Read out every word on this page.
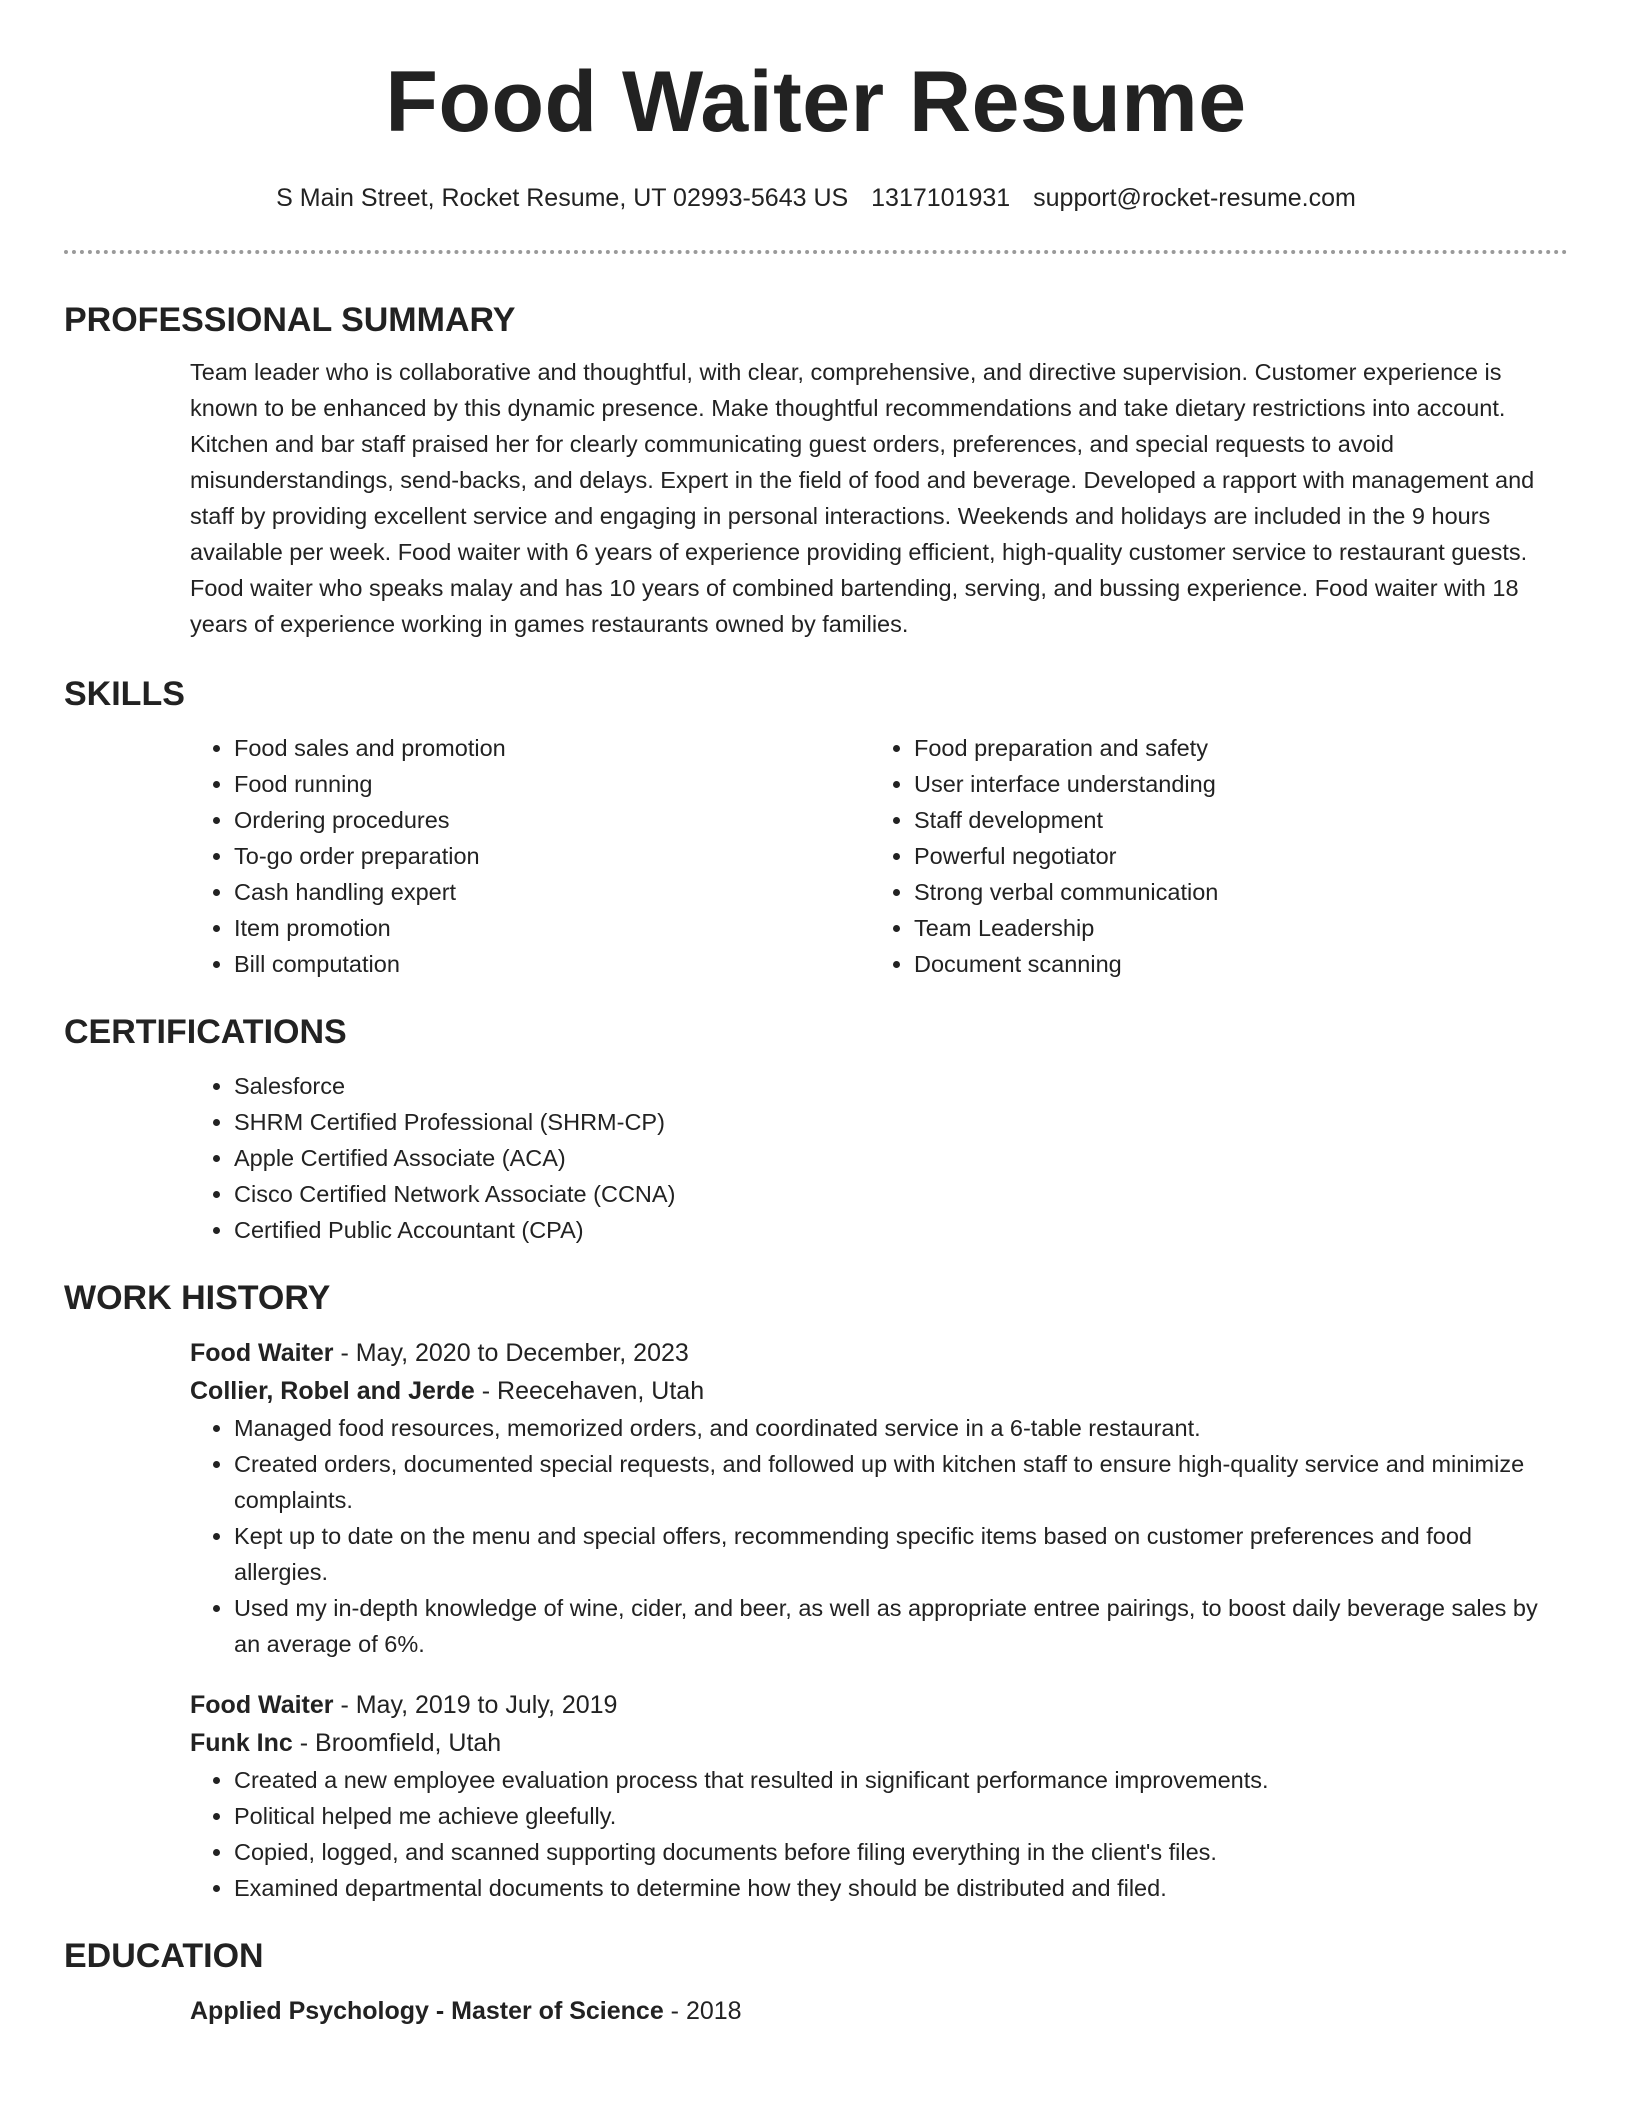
Food Waiter Resume
S Main Street, Rocket Resume, UT 02993-5643 US 1317101931 support@rocket-resume.com
PROFESSIONAL SUMMARY

Team leader who is collaborative and thoughtful, with clear, comprehensive, and directive supervision. Customer experience is known to be enhanced by this dynamic presence. Make thoughtful recommendations and take dietary restrictions into account. Kitchen and bar staff praised her for clearly communicating guest orders, preferences, and special requests to avoid misunderstandings, send-backs, and delays. Expert in the field of food and beverage. Developed a rapport with management and staff by providing excellent service and engaging in personal interactions. Weekends and holidays are included in the 9 hours available per week. Food waiter with 6 years of experience providing efficient, high-quality customer service to restaurant guests. Food waiter who speaks malay and has 10 years of combined bartending, serving, and bussing experience. Food waiter with 18 years of experience working in games restaurants owned by families.

SKILLS
• Food sales and promotion
• Food running
• Ordering procedures
• To-go order preparation
• Cash handling expert
• Item promotion
• Bill computation
• Food preparation and safety
• User interface understanding
• Staff development
• Powerful negotiator
• Strong verbal communication
• Team Leadership
• Document scanning
CERTIFICATIONS
• Salesforce
• SHRM Certified Professional (SHRM-CP)
• Apple Certified Associate (ACA)
• Cisco Certified Network Associate (CCNA)
• Certified Public Accountant (CPA)
WORK HISTORY
Food Waiter - May, 2020 to December, 2023
Collier, Robel and Jerde - Reecehaven, Utah
• Managed food resources, memorized orders, and coordinated service in a 6-table restaurant.
• Created orders, documented special requests, and followed up with kitchen staff to ensure high-quality service and minimize complaints.
• Kept up to date on the menu and special offers, recommending specific items based on customer preferences and food allergies.
• Used my in-depth knowledge of wine, cider, and beer, as well as appropriate entree pairings, to boost daily beverage sales by an average of 6%.
Food Waiter - May, 2019 to July, 2019
Funk Inc - Broomfield, Utah
• Created a new employee evaluation process that resulted in significant performance improvements.
• Political helped me achieve gleefully.
• Copied, logged, and scanned supporting documents before filing everything in the client's files.
• Examined departmental documents to determine how they should be distributed and filed.
EDUCATION
Applied Psychology - Master of Science - 2018
